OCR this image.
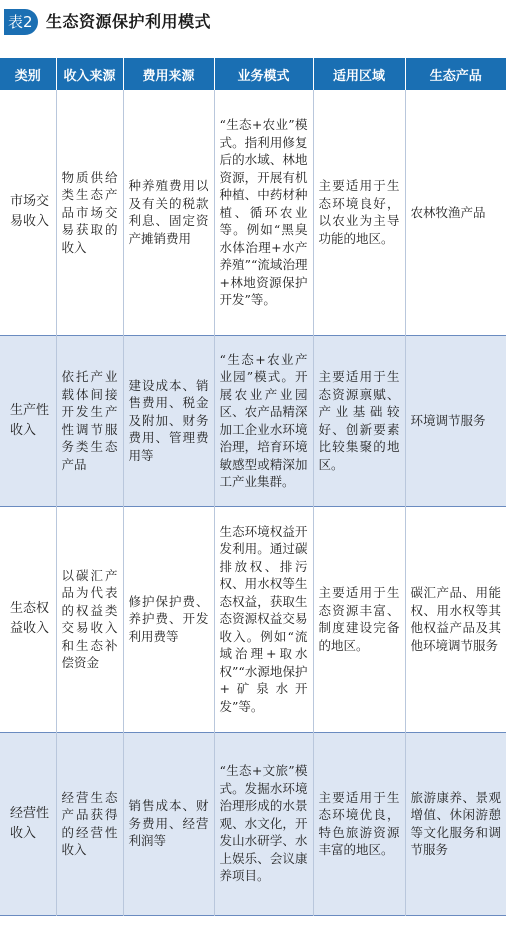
表2 生态资源保护利用模式
类别	收入来源	费用来源	业务模式	适用区域	生态产品
市场交易收入	物质供给类生态产品市场交易获取的收入	种养殖费用以及有关的税款利息、固定资产摊销费用	“生态+农业”模式。指利用修复后的水域、林地资源，开展有机种植、中药材种植、循环农业等。例如“黑臭水体治理+水产养殖”“流域治理+林地资源保护开发”等。	主要适用于生态环境良好，以农业为主导功能的地区。	农林牧渔产品
生产性收入	依托产业载体间接开发生产性调节服务类生态产品	建设成本、销售费用、税金及附加、财务费用、管理费用等	“生态+农业产业园”模式。开展农业产业园区、农产品精深加工企业水环境治理，培育环境敏感型或精深加工产业集群。	主要适用于生态资源禀赋、产业基础较好、创新要素比较集聚的地区。	环境调节服务
生态权益收入	以碳汇产品为代表的权益类交易收入和生态补偿资金	修护保护费、养护费、开发利用费等	生态环境权益开发利用。通过碳排放权、排污权、用水权等生态权益，获取生态资源权益交易收入。例如“流域治理+取水权”“水源地保护+矿泉水开发”等。	主要适用于生态资源丰富、制度建设完备的地区。	碳汇产品、用能权、用水权等其他权益产品及其他环境调节服务
经营性收入	经营生态产品获得的经营性收入	销售成本、财务费用、经营利润等	“生态+文旅”模式。发掘水环境治理形成的水景观、水文化，开发山水研学、水上娱乐、会议康养项目。	主要适用于生态环境优良，特色旅游资源丰富的地区。	旅游康养、景观增值、休闲游憩等文化服务和调节服务
